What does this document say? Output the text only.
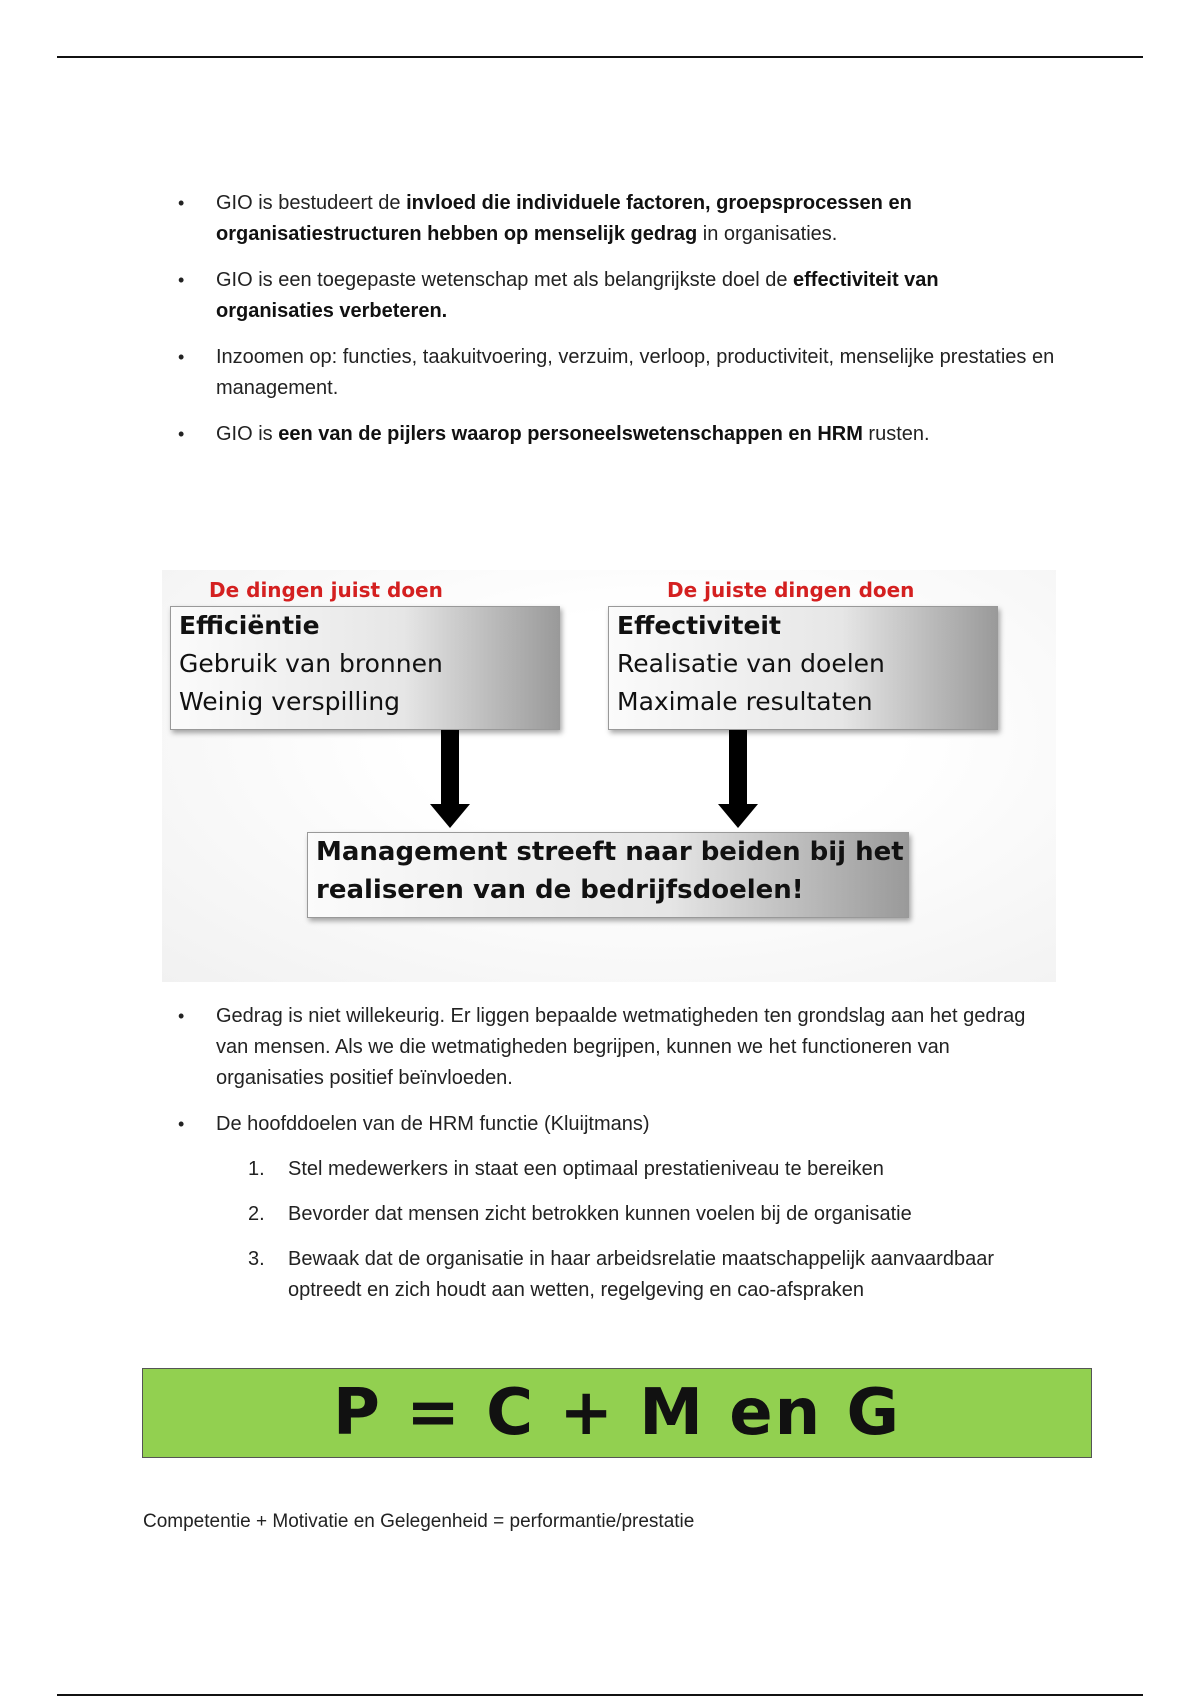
• GIO is bestudeert de invloed die individuele factoren, groepsprocessen en organisatiestructuren hebben op menselijk gedrag in organisaties.
• GIO is een toegepaste wetenschap met als belangrijkste doel de effectiviteit van organisaties verbeteren.
• Inzoomen op: functies, taakuitvoering, verzuim, verloop, productiviteit, menselijke prestaties en management.
• GIO is een van de pijlers waarop personeelswetenschappen en HRM rusten.
De dingen juist doen	De juiste dingen doen
Efficiëntie
Gebruik van bronnen
Weinig verspilling
Effectiviteit
Realisatie van doelen
Maximale resultaten
Management streeft naar beiden bij het
realiseren van de bedrijfsdoelen!
• Gedrag is niet willekeurig. Er liggen bepaalde wetmatigheden ten grondslag aan het gedrag van mensen. Als we die wetmatigheden begrijpen, kunnen we het functioneren van organisaties positief beïnvloeden.
• De hoofddoelen van de HRM functie (Kluijtmans)
1. Stel medewerkers in staat een optimaal prestatieniveau te bereiken
2. Bevorder dat mensen zicht betrokken kunnen voelen bij de organisatie
3. Bewaak dat de organisatie in haar arbeidsrelatie maatschappelijk aanvaardbaar optreedt en zich houdt aan wetten, regelgeving en cao-afspraken
P = C + M en G
Competentie + Motivatie en Gelegenheid = performantie/prestatie
